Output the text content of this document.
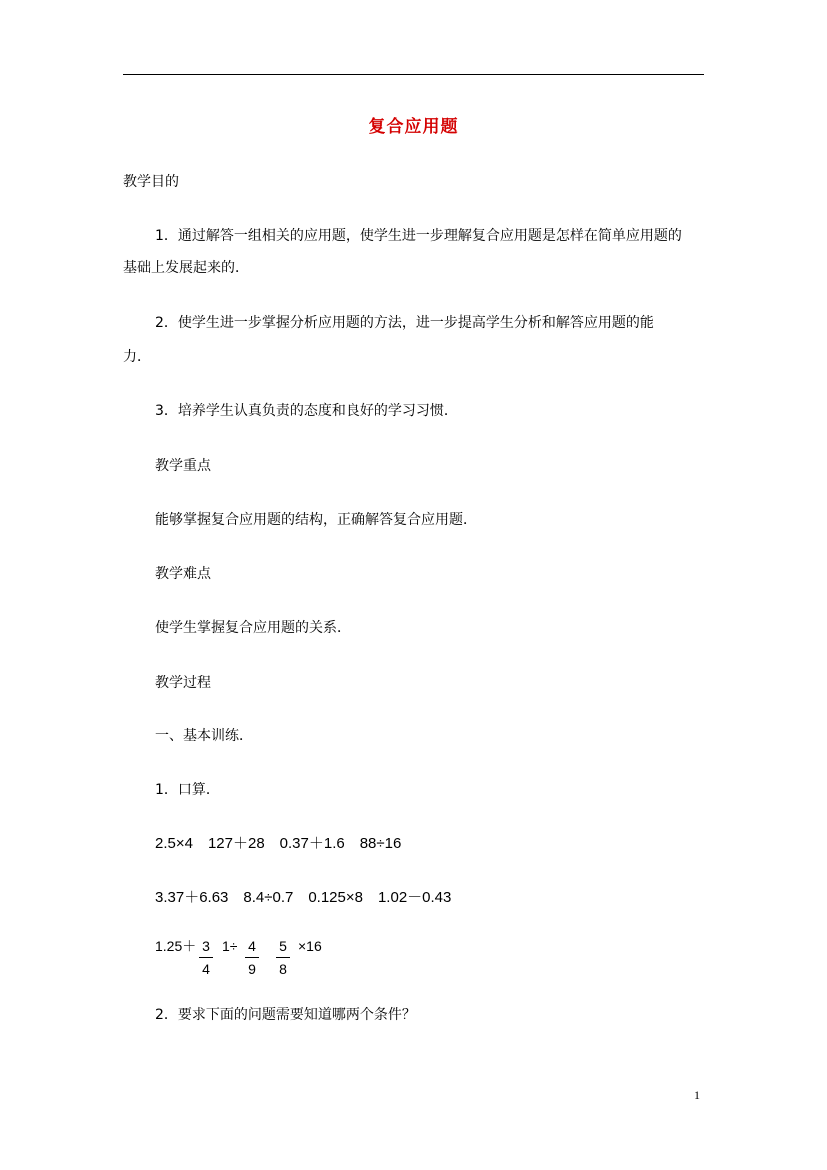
复合应用题
教学目的
1．通过解答一组相关的应用题，使学生进一步理解复合应用题是怎样在简单应用题的
基础上发展起来的．
2．使学生进一步掌握分析应用题的方法，进一步提高学生分析和解答应用题的能
力．
3．培养学生认真负责的态度和良好的学习习惯．
教学重点
能够掌握复合应用题的结构，正确解答复合应用题．
教学难点
使学生掌握复合应用题的关系．
教学过程
一、基本训练．
1．口算．
2.5×4　127＋28　0.37＋1.6　88÷16
3.37＋6.63　8.4÷0.7　0.125×8　1.02－0.43
1.25＋ 3
4
1÷ 4
9
5
8
×16
2．要求下面的问题需要知道哪两个条件？
1
